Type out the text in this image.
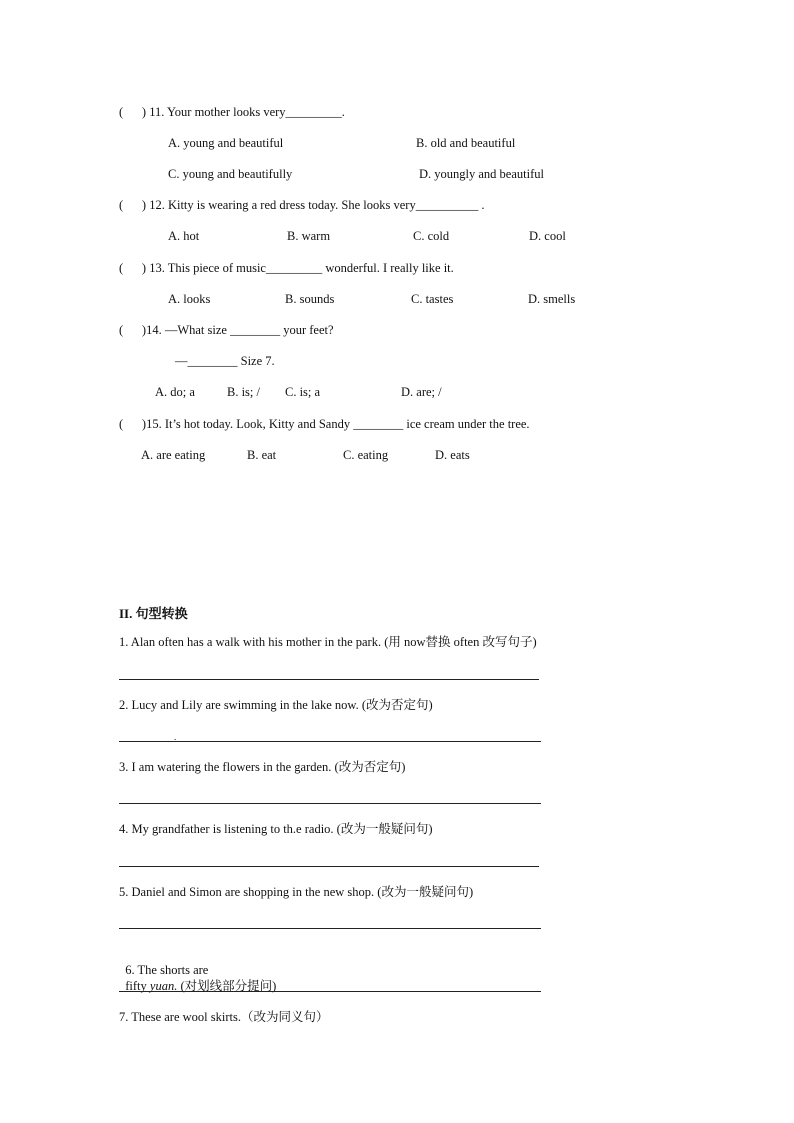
(      ) 11. Your mother looks very_________.
A. young and beautiful	B. old and beautiful
C. young and beautifully	D. youngly and beautiful
(      ) 12. Kitty is wearing a red dress today. She looks very__________ .
A. hot	B. warm	C. cold	D. cool
(      ) 13. This piece of music_________ wonderful. I really like it.
A. looks	B. sounds	C. tastes	D. smells
(      )14. —What size ________ your feet?
—________ Size 7.
A. do; a	B. is; / C. is; a	D. are; /
(      )15. It’s hot today. Look, Kitty and Sandy ________ ice cream under the tree.
A. are eating	B. eat	C. eating	D. eats
II. 句型转换
1. Alan often has a walk with his mother in the park. (用 now替换 often 改写句子)
2. Lucy and Lily are swimming in the lake now. (改为否定句)
.
3. I am watering the flowers in the garden. (改为否定句)
4. My grandfather is listening to th.e radio. (改为一般疑问句)
5. Daniel and Simon are shopping in the new shop. (改为一般疑问句)

6. The shorts are
fifty yuan. (对划线部分提问)

7. These are wool skirts.（改为同义句）
